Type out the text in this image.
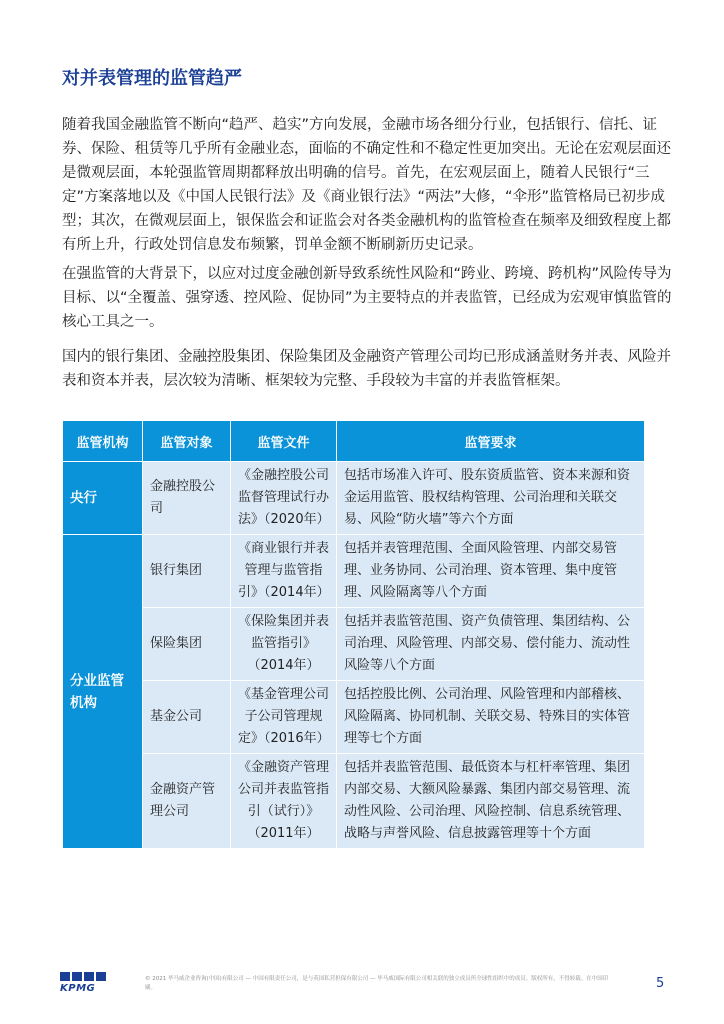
对并表管理的监管趋严

随着我国金融监管不断向“趋严、趋实”方向发展，金融市场各细分行业，包括银行、信托、证券、保险、租赁等几乎所有金融业态，面临的不确定性和不稳定性更加突出。无论在宏观层面还是微观层面，本轮强监管周期都释放出明确的信号。首先，在宏观层面上，随着人民银行“三定”方案落地以及《中国人民银行法》及《商业银行法》“两法”大修，“伞形”监管格局已初步成型；其次，在微观层面上，银保监会和证监会对各类金融机构的监管检查在频率及细致程度上都有所上升，行政处罚信息发布频繁，罚单金额不断刷新历史记录。

在强监管的大背景下，以应对过度金融创新导致系统性风险和“跨业、跨境、跨机构”风险传导为目标、以“全覆盖、强穿透、控风险、促协同”为主要特点的并表监管，已经成为宏观审慎监管的核心工具之一。

国内的银行集团、金融控股集团、保险集团及金融资产管理公司均已形成涵盖财务并表、风险并表和资本并表，层次较为清晰、框架较为完整、手段较为丰富的并表监管框架。

监管机构	监管对象	监管文件	监管要求
央行	金融控股公司	《金融控股公司监督管理试行办法》（2020年）	包括市场准入许可、股东资质监管、资本来源和资金运用监管、股权结构管理、公司治理和关联交易、风险“防火墙”等六个方面
分业监管机构	银行集团	《商业银行并表管理与监管指引》（2014年）	包括并表管理范围、全面风险管理、内部交易管理、业务协同、公司治理、资本管理、集中度管理、风险隔离等八个方面
	保险集团	《保险集团并表监管指引》（2014年）	包括并表监管范围、资产负债管理、集团结构、公司治理、风险管理、内部交易、偿付能力、流动性风险等八个方面
	基金公司	《基金管理公司子公司管理规定》（2016年）	包括控股比例、公司治理、风险管理和内部稽核、风险隔离、协同机制、关联交易、特殊目的实体管理等七个方面
	金融资产管理公司	《金融资产管理公司并表监管指引（试行）》（2011年）	包括并表监管范围、最低资本与杠杆率管理、集团内部交易、大额风险暴露、集团内部交易管理、流动性风险、公司治理、风险控制、信息系统管理、战略与声誉风险、信息披露管理等十个方面
KPMG
© 2021 毕马威企业咨询(中国)有限公司 — 中国有限责任公司，是与英国私营担保有限公司 — 毕马威国际有限公司相关联的独立成员所全球性组织中的成员。版权所有，不得转载。在中国印刷。	5
